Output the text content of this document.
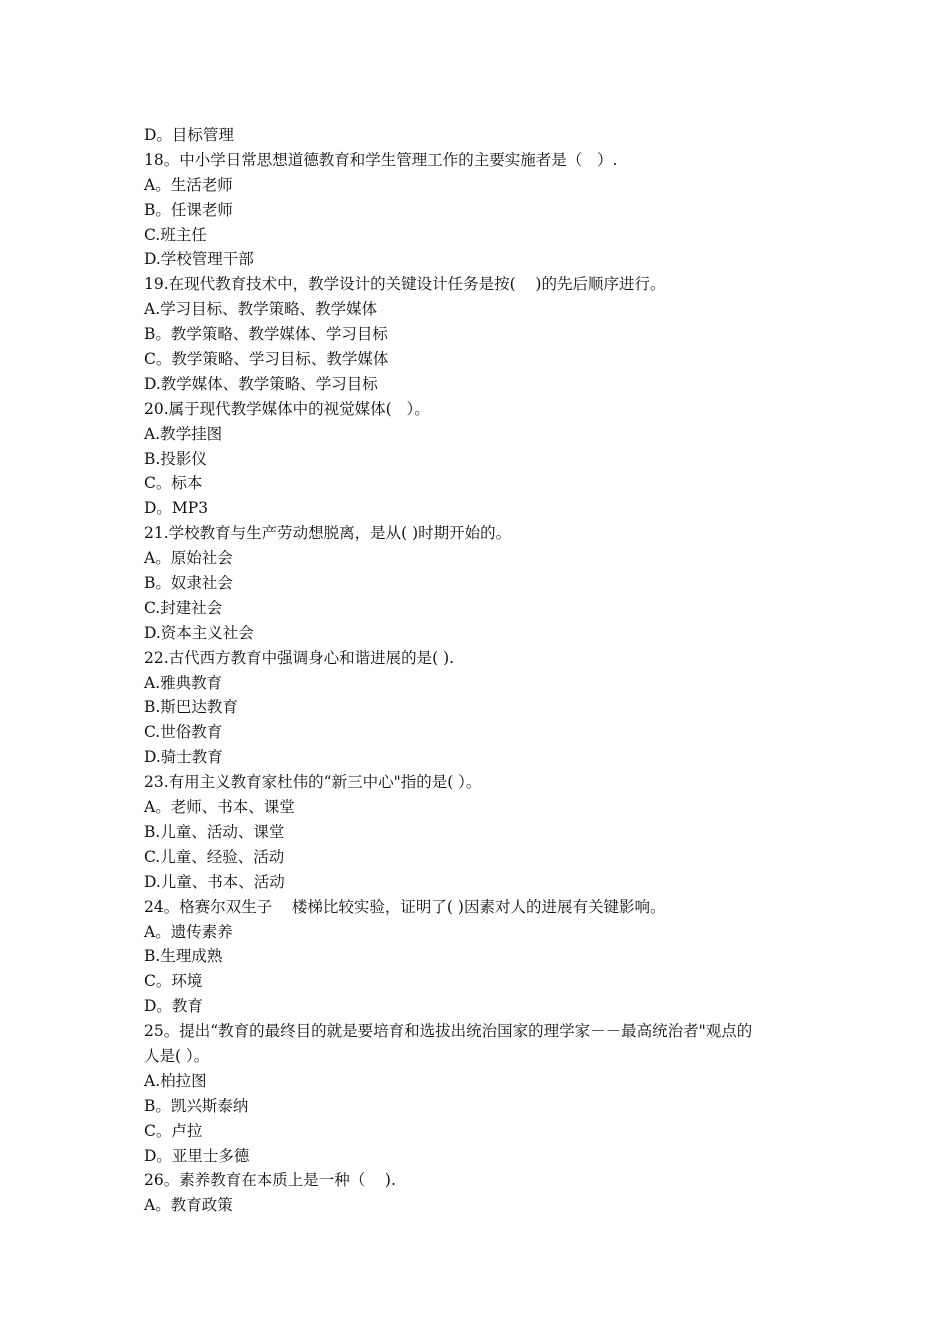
D。目标管理
18。中小学日常思想道德教育和学生管理工作的主要实施者是（   ）.
A。生活老师
B。任课老师
C.班主任
D.学校管理干部
19.在现代教育技术中，教学设计的关键设计任务是按(    )的先后顺序进行。
A.学习目标、教学策略、教学媒体
B。教学策略、教学媒体、学习目标
C。教学策略、学习目标、教学媒体
D.教学媒体、教学策略、学习目标
20.属于现代教学媒体中的视觉媒体(   ）。
A.教学挂图
B.投影仪
C。标本
D。MP3
21.学校教育与生产劳动想脱离，是从( )时期开始的。
A。原始社会
B。奴隶社会
C.封建社会
D.资本主义社会
22.古代西方教育中强调身心和谐进展的是( ).
A.雅典教育
B.斯巴达教育
C.世俗教育
D.骑士教育
23.有用主义教育家杜伟的“新三中心"指的是( ）。
A。老师、书本、课堂
B.儿童、活动、课堂
C.儿童、经验、活动
D.儿童、书本、活动
24。格赛尔双生子    楼梯比较实验，证明了( )因素对人的进展有关键影响。
A。遗传素养
B.生理成熟
C。环境
D。教育
25。提出“教育的最终目的就是要培育和选拔出统治国家的理学家－－最高统治者"观点的
人是( ）。
A.柏拉图
B。凯兴斯泰纳
C。卢拉
D。亚里士多德
26。素养教育在本质上是一种（    ).
A。教育政策
